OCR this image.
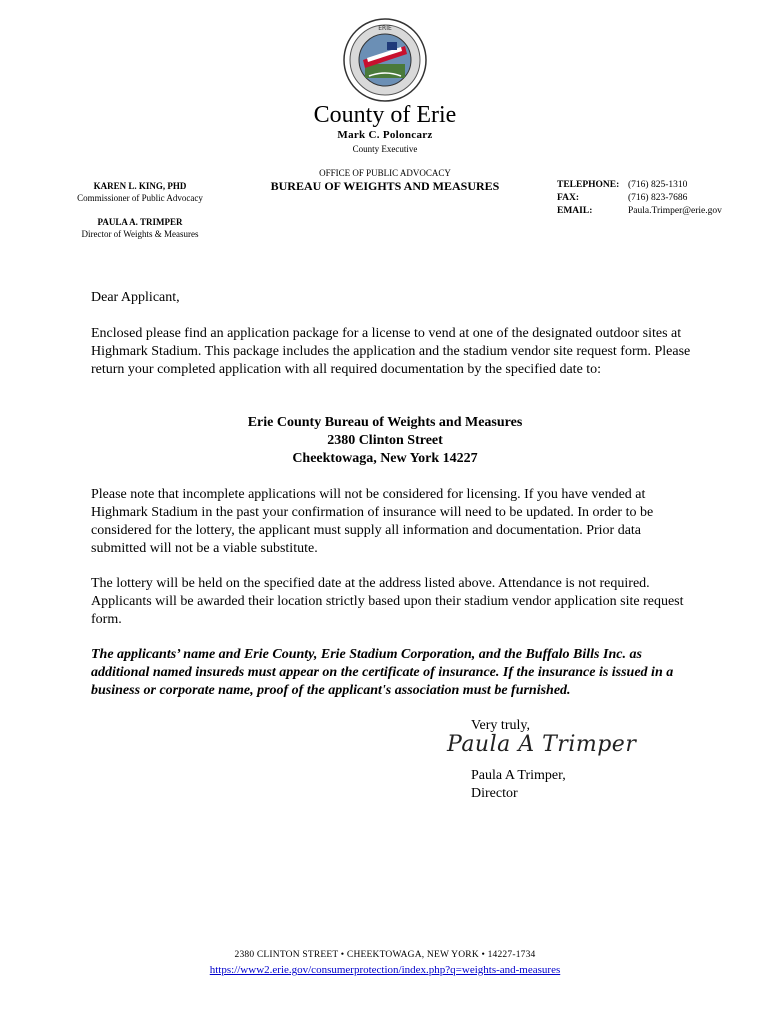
ERIE
County of Erie
Mark C. Poloncarz
County Executive
OFFICE OF PUBLIC ADVOCACY
BUREAU OF WEIGHTS AND MEASURES
KAREN L. KING, PHD
Commissioner of Public Advocacy
PAULA A. TRIMPER
Director of Weights & Measures
TELEPHONE: (716) 825-1310
FAX:	(716) 823-7686
EMAIL:	Paula.Trimper@erie.gov
Dear Applicant,

Enclosed please find an application package for a license to vend at one of the designated outdoor sites at Highmark Stadium. This package includes the application and the stadium vendor site request form. Please return your completed application with all required documentation by the specified date to:

Erie County Bureau of Weights and Measures
2380 Clinton Street
Cheektowaga, New York 14227

Please note that incomplete applications will not be considered for licensing. If you have vended at Highmark Stadium in the past your confirmation of insurance will need to be updated. In order to be considered for the lottery, the applicant must supply all information and documentation. Prior data submitted will not be a viable substitute.

The lottery will be held on the specified date at the address listed above. Attendance is not required. Applicants will be awarded their location strictly based upon their stadium vendor application site request form.

The applicants’ name and Erie County, Erie Stadium Corporation, and the Buffalo Bills Inc. as additional named insureds must appear on the certificate of insurance. If the insurance is issued in a business or corporate name, proof of the applicant's association must be furnished.

Very truly,
Paula A Trimper
Paula A Trimper,
Director
2380 CLINTON STREET • CHEEKTOWAGA, NEW YORK • 14227-1734
https://www2.erie.gov/consumerprotection/index.php?q=weights-and-measures
